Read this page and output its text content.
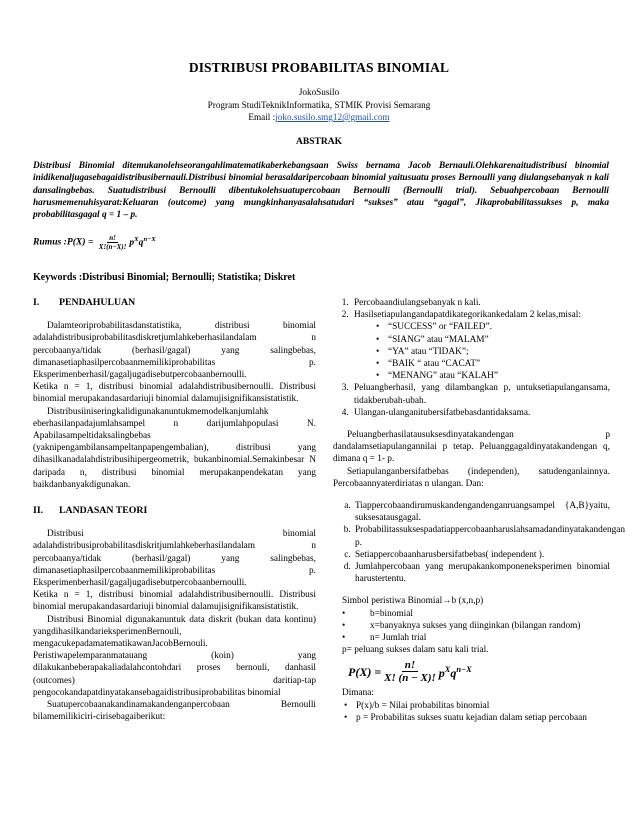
DISTRIBUSI PROBABILITAS BINOMIAL
JokoSusilo
Program StudiTeknikInformatika, STMIK Provisi Semarang
Email :joko.susilo.smg12@gmail.com
ABSTRAK
Distribusi Binomial ditemukanolehseorangahlimatematikaberkebangsaan Swiss bernama Jacob Bernauli.Olehkarenaitudistribusi binomial inidikenaljugasebagaidistribusibernauli.Distribusi binomial berasaldaripercobaan binomial yaitusuatu proses Bernoulli yang diulangsebanyak n kali dansalingbebas. Suatudistribusi Bernoulli dibentukolehsuatupercobaan Bernoulli (Bernoulli trial). Sebuahpercobaan Bernoulli harusmemenuhisyarat:Keluaran (outcome) yang mungkinhanyasalahsatudari “sukses” atau “gagal”, Jikaprobabilitassukses p, maka probabilitasgagal q = 1 – p.
Rumus :P(X) = $\frac{n!}{X!(n-X)!} p^Xq^{n-X}$
Keywords :Distribusi Binomial; Bernoulli; Statistika; Diskret
I. PENDAHULUAN

Dalamteoriprobabilitasdanstatistika, distribusi binomial adalahdistribusiprobabilitasdiskretjumlahkeberhasilandalam n percobaanya/tidak (berhasil/gagal) yang salingbebas, dimanasetiaphasilpercobaanmemilikiprobabilitas p. Eksperimenberhasil/gagaljugadisebutpercobaanbernoulli.

Ketika n = 1, distribusi binomial adalahdistribusibernoulli. Distribusi binomial merupakandasardariuji binomial dalamujisignifikansistatistik.

Distribusiiniseringkalidigunakanuntukmemodelkanjumlahk eberhasilanpadajumlahsampel n darijumlahpopulasi N. Apabilasampeltidaksalingbebas (yaknipengambilansampeltanpapengembalian), distribusi yang dihasilkanadalahdistribusihipergeometrik, bukanbinomial.Semakinbesar N daripada n, distribusi binomial merupakanpendekatan yang baikdanbanyakdigunakan.

II. LANDASAN TEORI

Distribusi binomial adalahdistribusiprobabilitasdiskritjumlahkeberhasilandalam n percobaanya/tidak (berhasil/gagal) yang salingbebas, dimanasetiaphasilpercobaanmemilikiprobabilitas p. Eksperimenberhasil/gagaljugadisebutpercobaanbernoulli.

Ketika n = 1, distribusi binomial adalahdistribusibernoulli. Distribusi binomial merupakandasardariuji binomial dalamujisignifikansistatistik.

Distribusi Binomial digunakanuntuk data diskrit (bukan data kontinu) yangdihasilkandarieksperimenBernouli, mengacukepadamatematikawanJacobBernouli.

Peristiwapelemparanmatauang (koin) yang dilakukanbeberapakaliadalahcontohdari proses bernouli, danhasil (outcomes) daritiap-tap pengocokandapatdinyatakansebagaidistribusiprobabilitas binomial

Suatupercobaanakandinamakandenganpercobaan Bernoulli bilamemilikiciri-cirisebagaiberikut:

1. Percobaandiulangsebanyak n kali.
2. Hasilsetiapulangandapatdikategorikankedalam 2 kelas,misal:
• “SUCCESS” or “FAILED”.
• “SIANG” atau “MALAM”
• “YA” atau “TIDAK”;
• “BAIK “ atau “CACAT”
• “MENANG” atau “KALAH”
3. Peluangberhasil, yang dilambangkan p, untuksetiapulangansama, tidakberubah-ubah.
4. Ulangan-ulanganitubersifatbebasdantidaksama.

Peluangberhasilatausuksesdinyatakandengan p dandalamsetiapulangannilai p tetap. Peluanggagaldinyatakandengan q, dimana q = 1- p.

Setiapulanganbersifatbebas (independen), satudenganlainnya. Percobaannyaterdiriatas n ulangan. Dan:

a. Tiappercobaandirumuskandengandenganruangsampel {A,B}yaitu, suksesatausgagal.
b. Probabilitassuksespadatiappercobaanharuslahsamadandinyatakandengan p.
c. Setiappercobaanharusbersifatbebas( independent ).
d. Jumlahpercobaan yang merupakankomponeneksperimen binomial harustertentu.
Simbol peristiwa Binomial→b (x,n,p)
•	b=binomial
•	x=banyaknya sukses yang diinginkan (bilangan random)
•	n= Jumlah trial
p= peluang sukses dalam satu kali trial.
$P(X) = \frac{n!}{X! (n - X)!} p^Xq^{n-X}$
Dimana:
• P(x)/b = Nilai probabilitas binomial
• p = Probabilitas sukses suatu kejadian dalam setiap percobaan
